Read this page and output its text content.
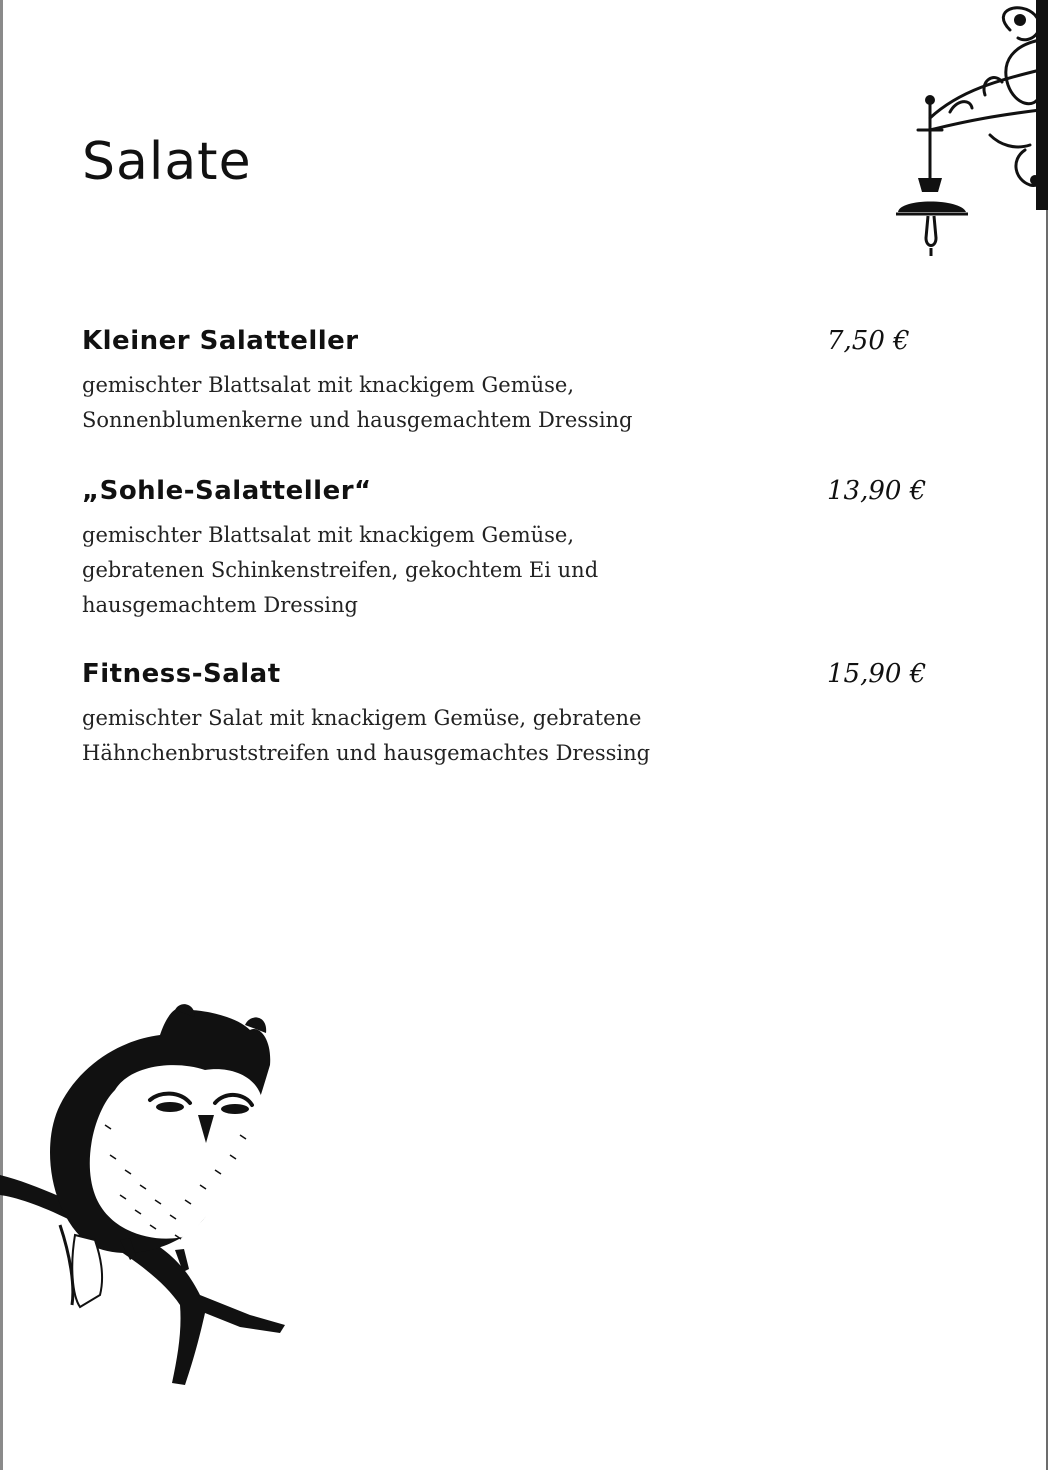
Salate
Kleiner Salatteller	7,50 €

gemischter Blattsalat mit knackigem Gemüse,
Sonnenblumenkerne und hausgemachtem Dressing

„Sohle-Salatteller“	13,90 €

gemischter Blattsalat mit knackigem Gemüse,
gebratenen Schinkenstreifen, gekochtem Ei und
hausgemachtem Dressing

Fitness-Salat	15,90 €

gemischter Salat mit knackigem Gemüse, gebratene
Hähnchenbruststreifen und hausgemachtes Dressing
